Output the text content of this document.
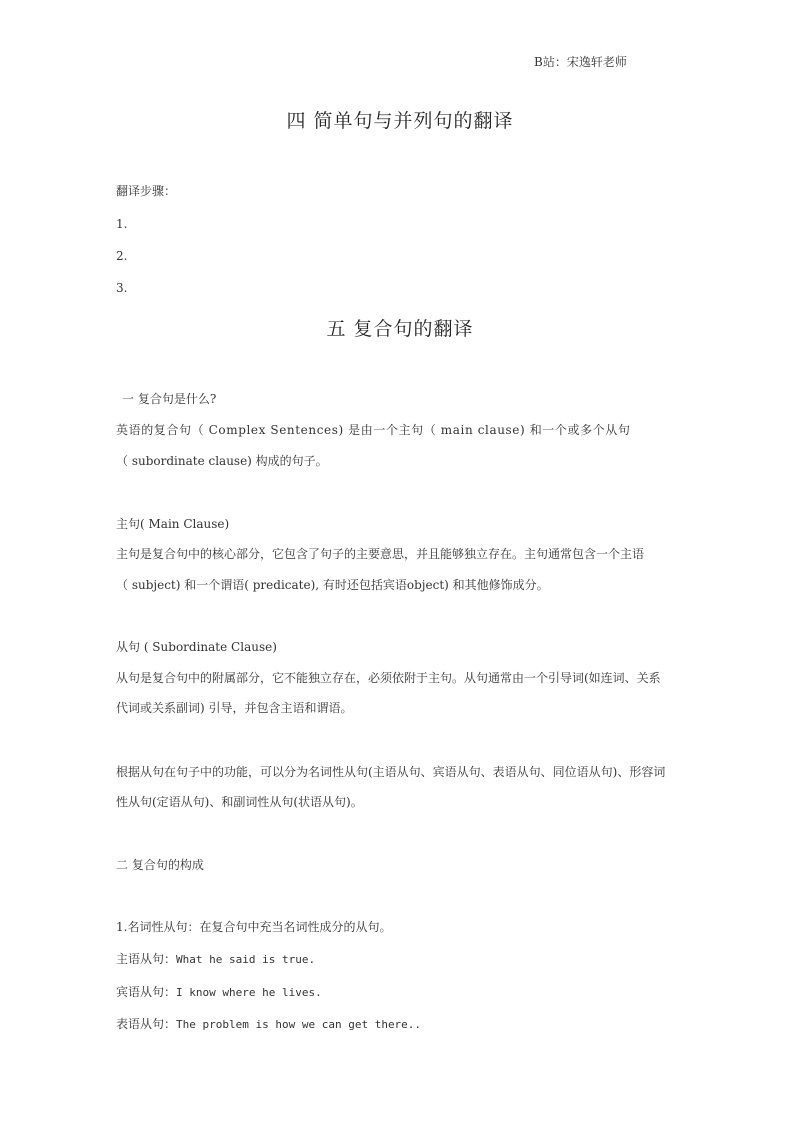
B站：宋逸轩老师
四 简单句与并列句的翻译
翻译步骤：
1.
2.
3.
五 复合句的翻译
一 复合句是什么?
英语的复合句（ Complex Sentences) 是由一个主句（ main clause) 和一个或多个从句
（ subordinate clause) 构成的句子。
主句( Main Clause)
主句是复合句中的核心部分，它包含了句子的主要意思，并且能够独立存在。主句通常包含一个主语
（ subject) 和一个谓语( predicate), 有时还包括宾语object) 和其他修饰成分。
从句 ( Subordinate Clause)
从句是复合句中的附属部分，它不能独立存在，必须依附于主句。从句通常由一个引导词(如连词、关系
代词或关系副词) 引导，并包含主语和谓语。
根据从句在句子中的功能，可以分为名词性从句(主语从句、宾语从句、表语从句、同位语从句)、形容词
性从句(定语从句)、和副词性从句(状语从句)。
二 复合句的构成
1.名词性从句：在复合句中充当名词性成分的从句。
主语从句：What he said is true.
宾语从句：I know where he lives.
表语从句：The problem is how we can get there..
